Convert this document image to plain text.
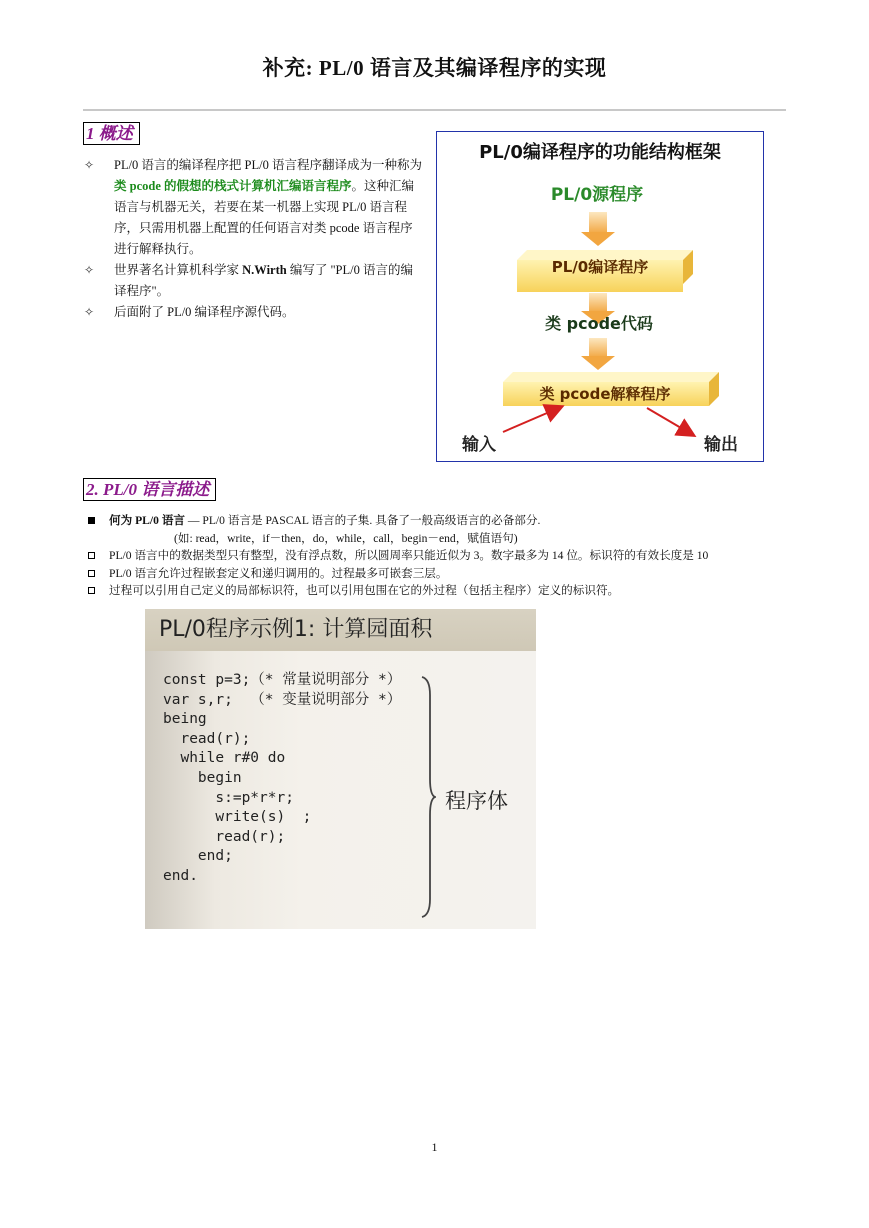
补充: PL/0 语言及其编译程序的实现
1 概述
✧ PL/0 语言的编译程序把 PL/0 语言程序翻译成为一种称为 类 pcode 的假想的栈式计算机汇编语言程序。这种汇编语言与机器无关，若要在某一机器上实现 PL/0 语言程序，只需用机器上配置的任何语言对类 pcode 语言程序进行解释执行。
✧ 世界著名计算机科学家 N.Wirth 编写了 "PL/0 语言的编译程序"。
✧ 后面附了 PL/0 编译程序源代码。
PL/0编译程序的功能结构框架
PL/0源程序
PL/0编译程序
类 pcode代码
类 pcode解释程序
输入	输出
2. PL/0 语言描述
何为 PL/0 语言 — PL/0 语言是 PASCAL 语言的子集. 具备了一般高级语言的必备部分.
(如: read，write，if－then，do，while，call，begin－end，赋值语句)
PL/0 语言中的数据类型只有整型，没有浮点数，所以圆周率只能近似为 3。数字最多为 14 位。标识符的有效长度是 10
PL/0 语言允许过程嵌套定义和递归调用的。过程最多可嵌套三层。
过程可以引用自己定义的局部标识符，也可以引用包围在它的外过程（包括主程序）定义的标识符。
PL/0程序示例1: 计算园面积
const p=3;（* 常量说明部分 *）
var s,r;  （* 变量说明部分 *）
being
read(r);
while r#0 do
begin
s:=p*r*r;
write(s)  ;
read(r);
end;
end.
程序体
1
